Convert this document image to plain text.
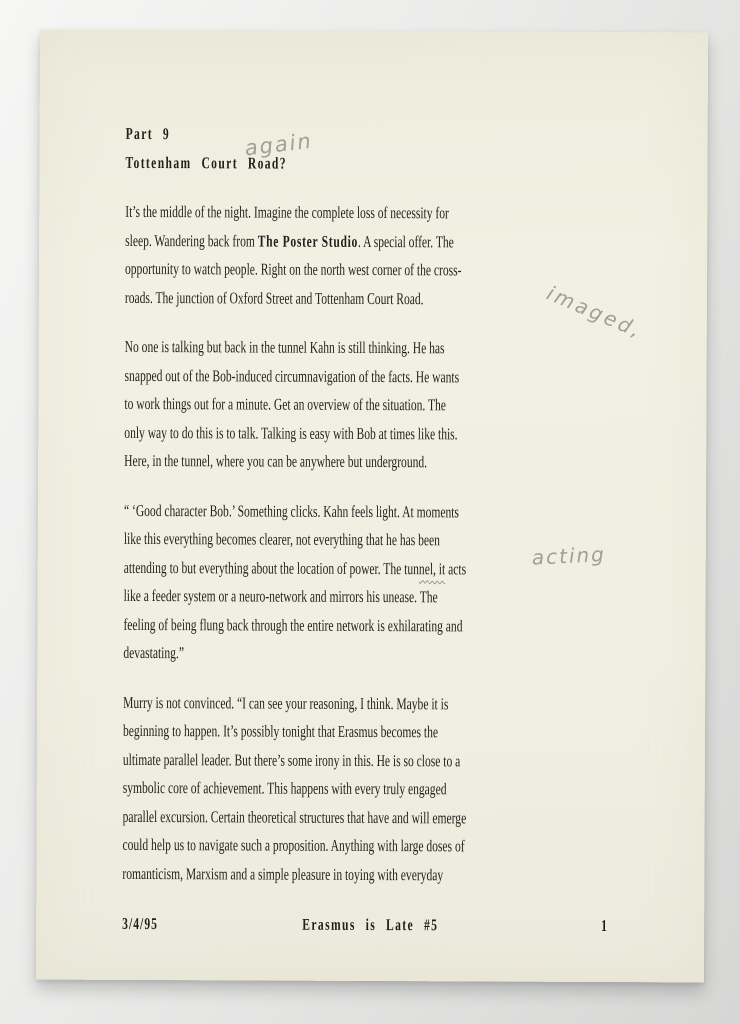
Part 9
Tottenham Court Road?
It’s the middle of the night. Imagine the complete loss of necessity for
sleep. Wandering back from The Poster Studio. A special offer. The
opportunity to watch people. Right on the north west corner of the cross-
roads. The junction of Oxford Street and Tottenham Court Road.
No one is talking but back in the tunnel Kahn is still thinking. He has
snapped out of the Bob-induced circumnavigation of the facts. He wants
to work things out for a minute. Get an overview of the situation. The
only way to do this is to talk. Talking is easy with Bob at times like this.
Here, in the tunnel, where you can be anywhere but underground.
“ ‘Good character Bob.’ Something clicks. Kahn feels light. At moments
like this everything becomes clearer, not everything that he has been
attending to but everything about the location of power. The tunnel, it acts
like a feeder system or a neuro-network and mirrors his unease. The
feeling of being flung back through the entire network is exhilarating and
devastating.”
Murry is not convinced. “I can see your reasoning, I think. Maybe it is
beginning to happen. It’s possibly tonight that Erasmus becomes the
ultimate parallel leader. But there’s some irony in this. He is so close to a
symbolic core of achievement. This happens with every truly engaged
parallel excursion. Certain theoretical structures that have and will emerge
could help us to navigate such a proposition. Anything with large doses of
romanticism, Marxism and a simple pleasure in toying with everyday
again
imaged,
acting
3/4/95	Erasmus is Late #5	1
